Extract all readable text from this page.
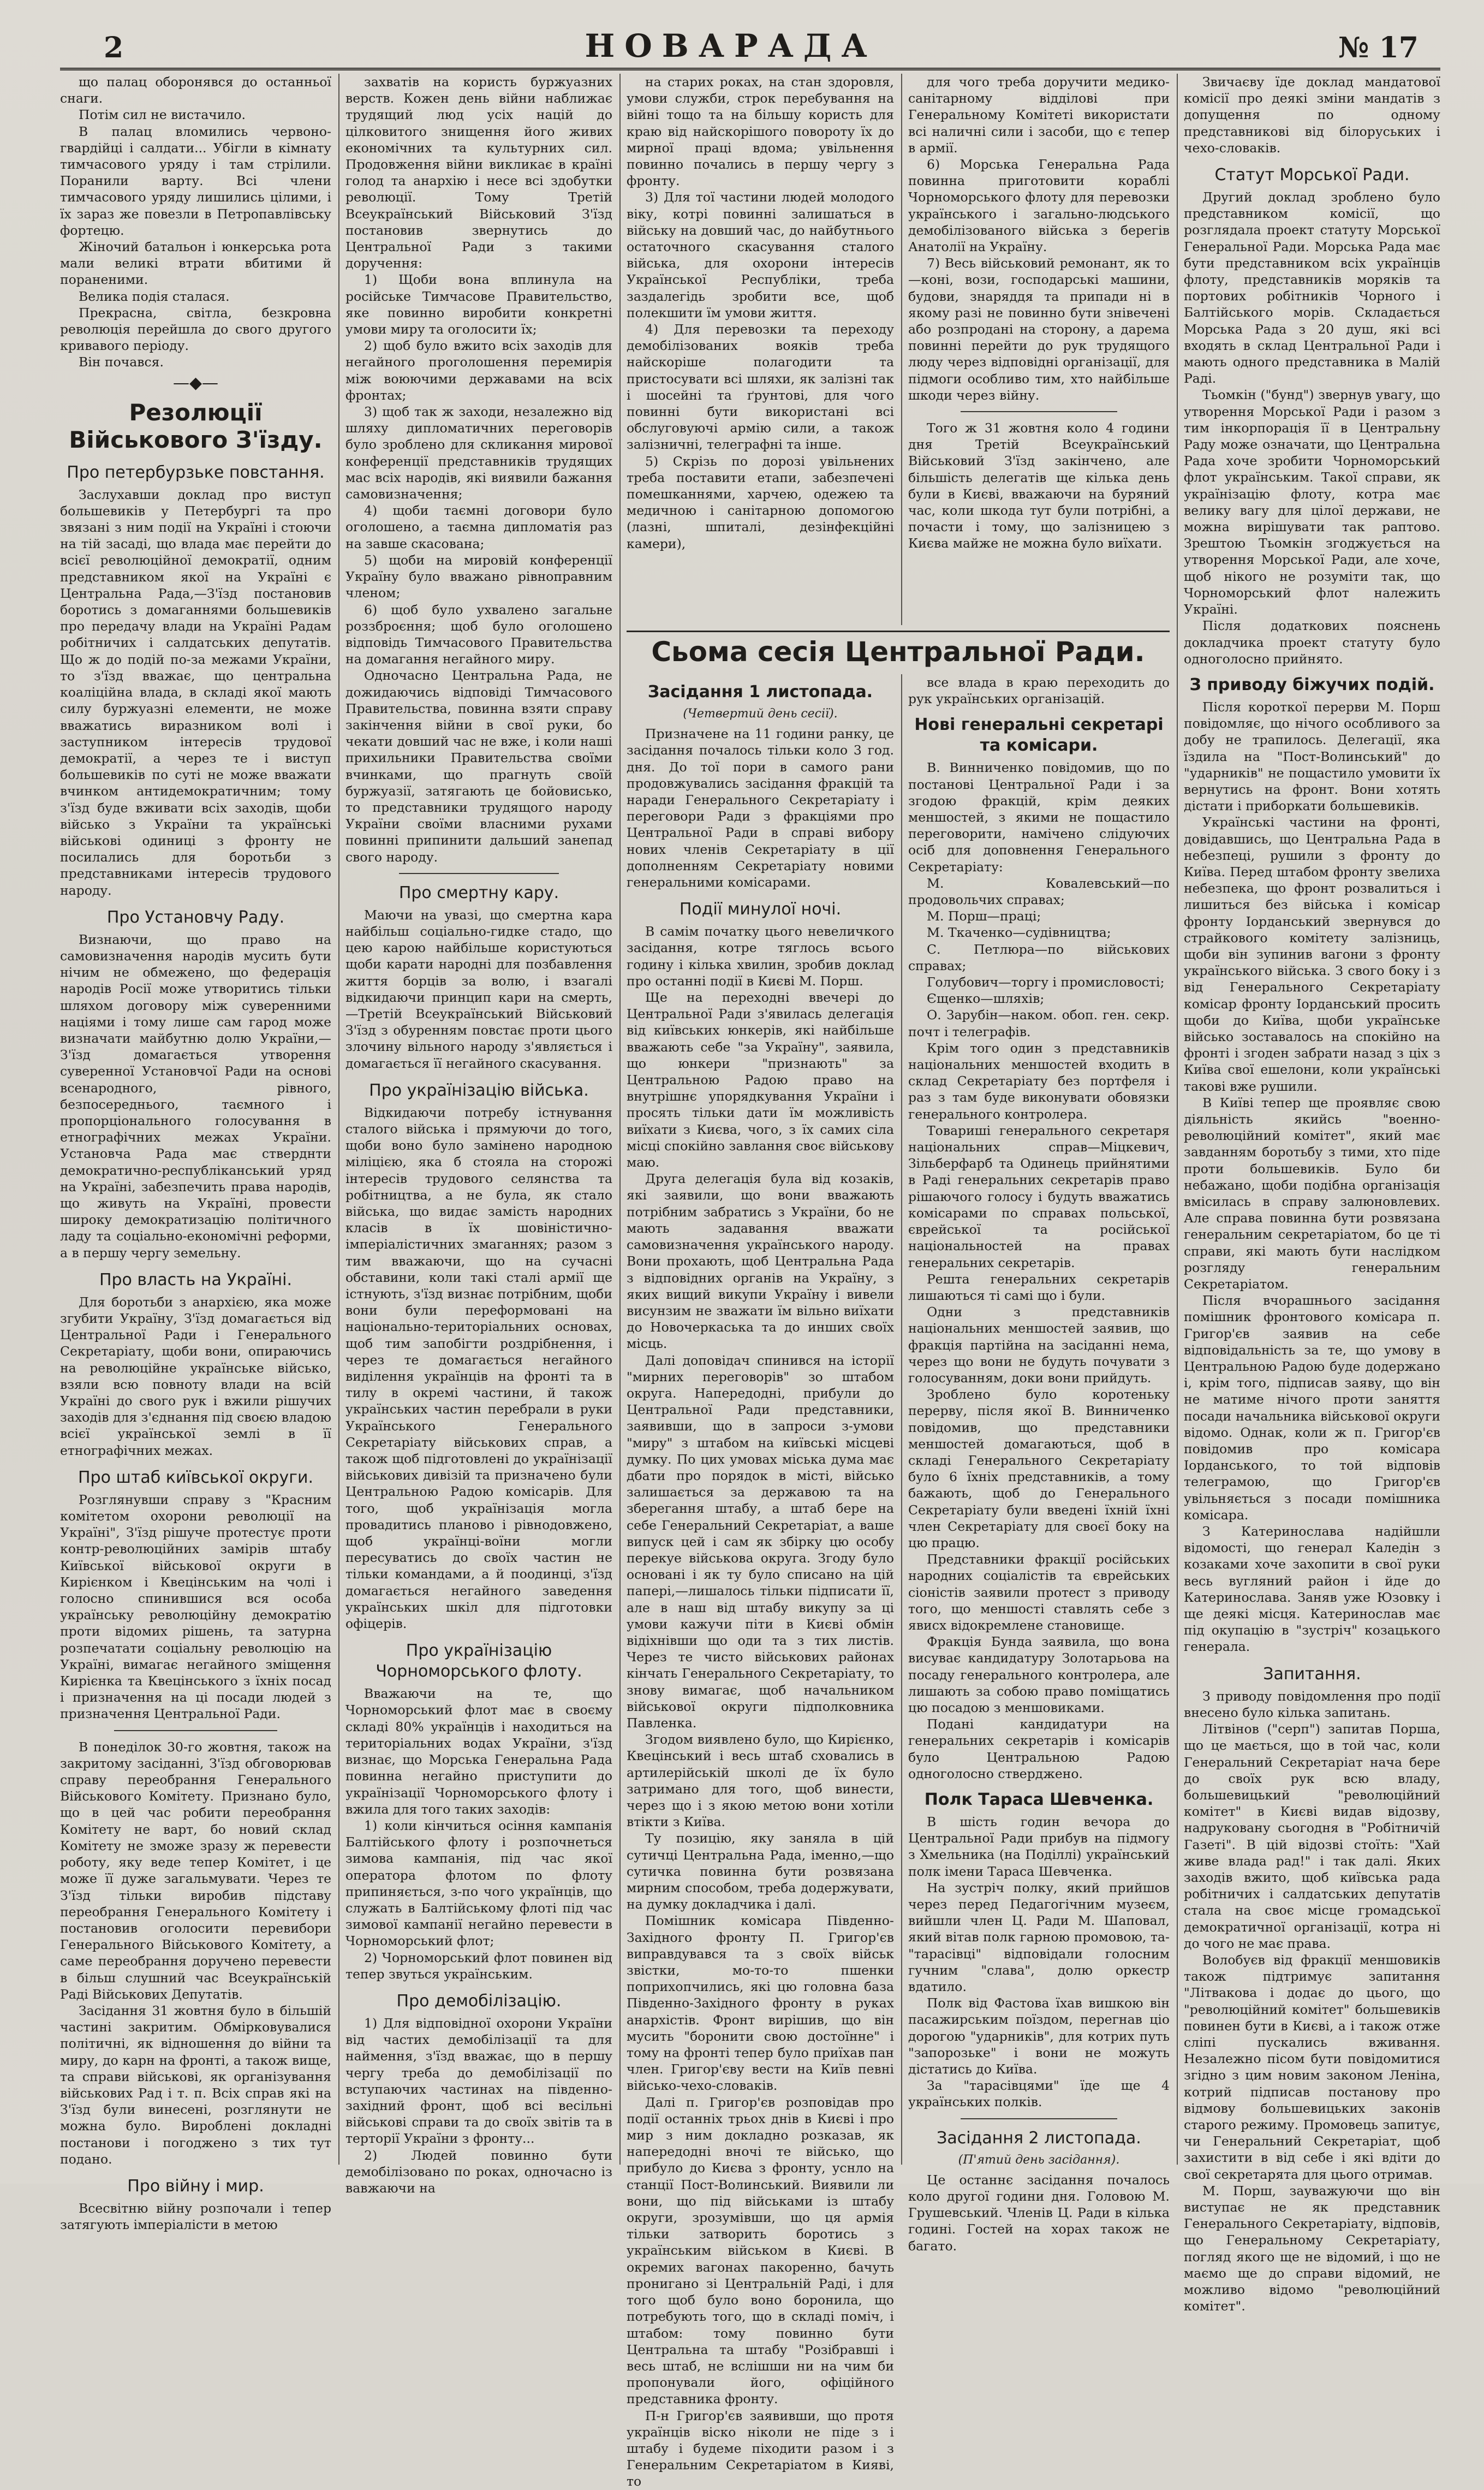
2	НОВАРАДА	№ 17

що палац оборонявся до останньої снаги.

Потім сил не вистачило.

В палац вломились червоно-гвардійці і салдати... Убігли в кімнату тимчасового уряду і там стрілили. Поранили варту. Всі члени тимчасового уряду лишились цілими, і їх зараз же повезли в Петропавлівську фортецю.

Жіночий батальон і юнкерська рота мали великі втрати вбитими й пораненими.

Велика подія сталася.

Прекрасна, світла, безкровна революція перейшла до свого другого кривавого періоду.

Він почався.

—◆—
Резолюції Військового З'їзду.
Про петербурзьке повстання.

Заслухавши доклад про виступ большевиків у Петербургі та про звязані з ним події на Україні і стоючи на тій засаді, що влада має перейти до всієї революційної демократії, одним представником якої на Україні є Центральна Рада,—З'їзд постановив боротись з домаганнями большевиків про передачу влади на Україні Радам робітничих і салдатських депутатів. Що ж до подій по-за межами України, то з'їзд вважає, що центральна коаліційна влада, в складі якої мають силу буржуазні елементи, не може вважатись виразником волі і заступником інтересів трудової демократії, а через те і виступ большевиків по суті не може вважати вчинком антидемократичним; тому з'їзд буде вживати всіх заходів, щоби військо з України та українські військові одиниці з фронту не посилались для боротьби з представниками інтересів трудового народу.

Про Установчу Раду.

Визнаючи, що право на самовизначення народів мусить бути нічим не обмежено, що федерація народів Росії може утворитись тільки шляхом договору між суверенними націями і тому лише сам гарод може визначати майбутню долю України,—З'їзд домагається утворення суверенної Установчої Ради на основі всенародного, рівного, безпосереднього, таємного і пропорціонального голосування в етнографічних межах України. Установча Рада має стверднти демократично-республіканський уряд на Україні, забезпечить права народів, що живуть на Україні, провести широку демократизацію політичного ладу та соціально-економічні реформи, а в першу чергу земельну.

Про власть на Україні.

Для боротьби з анархією, яка може згубити Україну, З'їзд домагається від Центральної Ради і Генерального Секретаріату, щоби вони, опираючись на революційне українське військо, взяли всю повноту влади на всій Україні до свого рук і вжили рішучих заходів для з'єднання під своєю владою всієї української землі в її етнографічних межах.

Про штаб київської округи.

Розглянувши справу з "Красним комітетом охорони революції на Україні", З'їзд рішуче протестує проти контр-революційних замірів штабу Київської військової округи в Кирієнком і Квецінським на чолі і голосно спинившися вся особа українську революційну демократію проти відомих рішень, та затурна розпечатати соціальну революцію на Україні, вимагає негайного зміщення Кирієнка та Квецінського з їхніх посад і призначення на ці посади людей з призначення Центральної Ради.

В понеділок 30-го жовтня, також на закритому засіданні, З'їзд обговорював справу переобрання Генерального Військового Комітету. Признано було, що в цей час робити переобрання Комітету не варт, бо новий склад Комітету не зможе зразу ж перевести роботу, яку веде тепер Комітет, і це може її дуже загальмувати. Через те З'їзд тільки виробив підставу переобрання Генерального Комітету і постановив оголосити перевибори Генерального Військового Комітету, а саме переобрання доручено перевести в більш слушний час Всеукраїнській Раді Військових Депутатів.

Засідання 31 жовтня було в більшій частині закритим. Обмірковувалися політичні, як відношення до війни та миру, до карн на фронті, а також вище, та справи військові, як організування військових Рад і т. п. Всіх справ які на З'їзд були винесені, розглянути не можна було. Вироблені докладні постанови і погоджено з тих тут подано.

Про війну і мир.

Всесвітню війну розпочали і тепер затягують імперіалісти в метою

захватів на користь буржуазних верств. Кожен день війни наближає трудящий люд усіх націй до цілковитого знищення його живих економічних та культурних сил. Продовження війни викликає в країні голод та анархію і несе всі здобутки революції. Тому Третій Всеукраїнський Військовий З'їзд постановив звернутись до Центральної Ради з такими доручення:

1) Щоби вона вплинула на російське Тимчасове Правительство, яке повинно виробити конкретні умови миру та оголосити їх;

2) щоб було вжито всіх заходів для негайного проголошення перемирія між воюючими державами на всіх фронтах;

3) щоб так ж заходи, незалежно від шляху дипломатичних переговорів було зроблено для скликання мирової конференції представників трудящих мас всіх народів, які виявили бажання самовизначення;

4) щоби таємні договори було оголошено, а таємна дипломатія раз на завше скасована;

5) щоби на мировій конференції Україну було вважано рівноправним членом;

6) щоб було ухвалено загальне роззброєння; щоб було оголошено відповідь Тимчасового Правительства на домагання негайного миру.

Одночасно Центральна Рада, не дожидаючись відповіді Тимчасового Правительства, повинна взяти справу закінчення війни в свої руки, бо чекати довший час не вже, і коли наші прихильники Правительства своїми вчинками, що прагнуть своїй буржуазії, затягають це бойовисько, то представники трудящого народу України своїми власними рухами повинні припинити дальший занепад свого народу.

Про смертну кару.

Маючи на увазі, що смертна кара найбільш соціально-гидке стадо, що цею карою найбільше користуються щоби карати народні для позбавлення життя борців за волю, і взагалі відкидаючи принцип кари на смерть,—Третій Всеукраїнський Військовий З'їзд з обуренням повстає проти цього злочину вільного народу з'являється і домагається її негайного скасування.

Про українізацію війська.

Відкидаючи потребу істнування сталого війська і прямуючи до того, щоби воно було замінено народною міліцією, яка б стояла на сторожі інтересів трудового селянства та робітництва, а не була, як стало війська, що видає замість народних класів в їх шовіністично-імперіалістичних змаганнях; разом з тим вважаючи, що на сучасні обставини, коли такі сталі армії ще істнують, з'їзд визнає потрібним, щоби вони були переформовані на національно-територіальних основах, щоб тим запобігти роздрібнення, і через те домагається негайного виділення українців на фронті та в тилу в окремі частини, й також українських частин перебрали в руки Українського Генерального Секретаріату військових справ, а також щоб підготовлені до українізації військових дивізій та призначено були Центральною Радою комісарів. Для того, щоб українізація могла провадитись планово і рівнодовжено, щоб українці-воїни могли пересуватись до своїх частин не тільки командами, а й поодинці, з'їзд домагається негайного заведення українських шкіл для підготовки офіцерів.

Про українізацію Чорноморського флоту.

Вважаючи на те, що Чорноморський флот має в своєму складі 80% українців і находиться на територіальних водах України, з'їзд визнає, що Морська Генеральна Рада повинна негайно приступити до українізації Чорноморського флоту і вжила для того таких заходів:

1) коли кінчиться осіння кампанія Балтійського флоту і розпочнеться зимова кампанія, під час якої оператора флотом по флоту припиняється, з-по чого українців, що служать в Балтійському флоті під час зимової кампанії негайно перевести в Чорноморський флот;

2) Чорноморський флот повинен від тепер звуться українським.

Про демобілізацію.

1) Для відповідної охорони України від частих демобілізації та для наймення, з'їзд вважає, що в першу чергу треба до демобілізації по вступаючих частинах на південно-західний фронт, щоб всі весільні військові справи та до своїх звітів та в терторії України з фронту...

2) Людей повинно бути демобілізовано по роках, одночасно із вавжаючи на

на старих роках, на стан здоровля, умови служби, строк перебування на війні тощо та на більшу користь для краю від найскорішого повороту їх до мирної праці вдома; увільнення повинно почались в першу чергу з фронту.

3) Для тої частини людей молодого віку, котрі повинні залишаться в війську на довший час, до найбутнього остаточного скасування сталого війська, для охорони інтересів Української Республіки, треба заздалегідь зробити все, щоб полекшити їм умови життя.

4) Для перевозки та переходу демобілізованих вояків треба найскоріше полагодити та пристосувати всі шляхи, як залізні так і шосейні та ґрунтові, для чого повинні бути використані всі обслуговуючі армію сили, а також залізничні, телеграфні та інше.

5) Скрізь по дорозі увільнених треба поставити етапи, забезпечені помешканнями, харчею, одежею та медичною і санітарною допомогою (лазні, шпиталі, дезінфекційні камери),

для чого треба доручити медико-санітарному відділові при Генеральному Комітеті використати всі наличні сили і засоби, що є тепер в армії.

6) Морська Генеральна Рада повинна приготовити кораблі Чорноморського флоту для перевозки українського і загально-людського демобілізованого війська з берегів Анатолії на Україну.

7) Весь військовий ремонант, як то—коні, вози, господарські машини, будови, знаряддя та припади ні в якому разі не повинно бути знівечені або розпродані на сторону, а дарема повинні перейти до рук трудящого люду через відповідні організації, для підмоги особливо тим, хто найбільше шкоди через війну.

Того ж 31 жовтня коло 4 години дня Третій Всеукраїнський Військовий З'їзд закінчено, але більшість делегатів ще кілька день були в Києві, вважаючи на буряний час, коли шкода тут були потрібні, а почасти і тому, що залізницею з Києва майже не можна було виїхати.

Сьома сесія Центральної Ради.
Засідання 1 листопада.
(Четвертий день сесії).

Призначене на 11 години ранку, це засідання почалось тільки коло 3 год. дня. До тої пори в самого рани продовжувались засідання фракцій та наради Генерального Секретаріату і переговори Ради з фракціями про Центральної Ради в справі вибору нових членів Секретаріату в ції дополненням Секретаріату новими генеральними комісарами.

Події минулої ночі.

В самім початку цього невеличкого засідання, котре тяглось всього годину і кілька хвилин, зробив доклад про останні події в Києві М. Порш.

Ще на переходні ввечері до Центральної Ради з'явилась делегація від київських юнкерів, які найбільше вважають себе "за Україну", заявила, що юнкери "признають" за Центральною Радою право на внутрішнє упорядкування України і просять тільки дати їм можливість виїхати з Києва, чого, з їх самих сіла місці спокійно завлання своє військову маю.

Друга делегація була від козаків, які заявили, що вони вважають потрібним забратись з України, бо не мають задавання вважати самовизначення українського народу. Вони прохають, щоб Центральна Рада з відповідних органів на Україну, з яких вищий викупи Україну і вивели висунзим не зважати їм вільно виїхати до Новочеркаська та до инших своїх місць.

Далі доповідач спинився на історії "мирних переговорів" зо штабом округа. Напередодні, прибули до Центральної Ради представники, заявивши, що в запроси з-умови "миру" з штабом на київські місцеві думку. По цих умовах міська дума має дбати про порядок в місті, військо залишається за державою та на зберегання штабу, а штаб бере на себе Генеральний Секретаріат, а ваше випуск цей і сам як збірку цю особу перекуе військова округа. Згоду було основані і як ту було списано на цій папері,—лишалось тільки підписати її, але в наш від штабу викупу за ці умови кажучи піти в Києві обмін відіхнівши що оди та з тих листів. Через те чисто військових районах кінчать Генерального Секретаріату, то знову вимагає, щоб начальником військової округи підполковника Павленка.

Згодом виявлено було, що Кирієнко, Квецінський і весь штаб сховались в артилерійській школі де їх було затримано для того, щоб винести, через що і з якою метою вони хотіли втікти з Київа.

Ту позицію, яку заняла в цій сутичці Центральна Рада, іменно,—що сутичка повинна бути розвязана мирним способом, треба додержувати, на думку докладчика і далі.

Помішник комісара Південно-Західного фронту П. Григор'єв виправдувався та з своїх військ звістки, мо-то-то пшенки поприхопчились, які цю головна база Південно-Західного фронту в руках анархістів. Фронт вирішив, що він мусить "боронити свою достоїнне" і тому на фронті тепер було приїхав пан член. Григор'єву вести на Київ певні військо-чехо-словаків.

Далі п. Григор'єв розповідав про події останніх трьох днів в Києві і про мир з ним докладно розказав, як напередодні вночі те військо, що прибуло до Києва з фронту, уснло на станції Пост-Волинський. Виявили ли вони, що під військами із штабу округи, зрозумівши, що ця армія тільки затворить боротись з українським військом в Києві. В окремих вагонах пакоренно, бачуть пронигано зі Центральній Раді, і для того щоб було воно боронила, що потребують того, що в складі поміч, і штабом: тому повинно бути Центральна та штабу "Розібравші і весь штаб, не вслішши ни на чим би пропонували його, офіційного представника фронту.

П-н Григор'єв заявивши, що протя українців віско ніколи не піде з і штабу і будеме піходити разом і з Генеральним Секретаріатом в Кияві, то

все влада в краю переходить до рук українських організацій.

Нові генеральні секретарі та комісари.

В. Винниченко повідомив, що по постанові Центральної Ради і за згодою фракцій, крім деяких меншостей, з якими не пощастило переговорити, намічено слідуючих осіб для доповнення Генерального Секретаріату:

М. Ковалевський—по продовольчих справах;

М. Порш—праці;

М. Ткаченко—судівництва;

С. Петлюра—по військових справах;

Голубович—торгу і промисловості;

Єщенко—шляхів;

О. Зарубін—наком. обоп. ген. секр. почт і телеграфів.

Крім того один з представників національних меншостей входить в склад Секретаріату без портфеля і раз з там буде виконувати обовязки генерального контролера.

Товариші генерального секретаря національних справ—Міцкевич, Зільберфарб та Одинець прийнятими в Раді генеральних секретарів право рішаючого голосу і будуть вважатись комісарами по справах польської, єврейської та російської національностей на правах генеральних секретарів.

Решта генеральних секретарів лишаються ті самі що і були.

Одни з представників національних меншостей заявив, що фракція партійна на засіданні нема, через що вони не будуть почувати з голосуванням, доки вони прийдуть.

Зроблено було коротеньку перерву, після якої В. Винниченко повідомив, що представники меншостей домагаються, щоб в складі Генерального Секретаріату було 6 їхніх представників, а тому бажають, щоб до Генерального Секретаріату були введені їхній їхні член Секретаріату для своєї боку на цю працю.

Представники фракції російських народних соціалістів та єврейських сіоністів заявили протест з приводу того, що меншості ставлять себе з явисх відокремлене становище.

Фракція Бунда заявила, що вона висуває кандидатуру Золотарьова на посаду генерального контролера, але лишають за собою право поміщатись цю посадою з меншовиками.

Подані кандидатури на генеральних секретарів і комісарів було Центральною Радою одноголосно стверджено.

Полк Тараса Шевченка.

В шість годин вечора до Центральної Ради прибув на підмогу з Хмельника (на Поділлі) український полк імени Тараса Шевченка.

На зустріч полку, який прийшов через перед Педагогічним музеєм, вийшли член Ц. Ради М. Шаповал, який вітав полк гарною промовою, та-"тарасівці" відповідали голосним гучним "слава", долю оркестр вдатило.

Полк від Фастова їхав вишкою він пасажирським поїздом, перегнав ціо дорогою "ударників", для котрих путь "запорозьке" і вони не можуть дістатись до Київа.

За "тарасівцями" їде ще 4 українських полків.

Засідання 2 листопада.
(П'ятий день засідання).

Це останнє засідання почалось коло другої години дня. Головою М. Грушевський. Членів Ц. Ради в кілька годині. Гостей на хорах також не багато.

Звичаєву їде доклад мандатової комісії про деякі зміни мандатів з допущення по одному представникові від білоруських і чехо-словаків.

Статут Морської Ради.

Другий доклад зроблено було представником комісії, що розглядала проект статуту Морської Генеральної Ради. Морська Рада має бути представником всіх українців флоту, представників моряків та портових робітників Чорного і Балтійського морів. Складається Морська Рада з 20 душ, які всі входять в склад Центральної Ради і мають одного представника в Малій Раді.

Тьомкін ("бунд") звернув увагу, що утворення Морської Ради і разом з тим інкорпорація її в Центральну Раду може означати, що Центральна Рада хоче зробити Чорноморський флот українським. Такої справи, як українізацію флоту, котра має велику вагу для цілої держави, не можна вирішувати так раптово. Зрештою Тьомкін згоджується на утворення Морської Ради, але хоче, щоб нікого не розуміти так, що Чорноморський флот належить Україні.

Після додаткових пояснень докладчика проект статуту було одноголосно прийнято.

З приводу біжучих подій.

Після короткої перерви М. Порш повідомляє, що нічого особливого за добу не трапилось. Делегації, яка їздила на "Пост-Волинський" до "ударників" не пощастило умовити їх вернутись на фронт. Вони хотять дістати і приборкати большевиків.

Українські частини на фронті, довідавшись, що Центральна Рада в небезпеці, рушили з фронту до Київа. Перед штабом фронту звелиха небезпека, що фронт розвалиться і лишиться без війська і комісар фронту Іорданський звернувся до страйкового комітету залізниць, щоби він зупинив вагони з фронту українського війська. З свого боку і з від Генерального Секретаріату комісар фронту Іорданський просить щоби до Київа, щоби українське військо зоставалось на спокійно на фронті і згоден забрати назад з ціх з Київа свої ешелони, коли українські такові вже рушили.

В Київі тепер ще проявляє свою діяльність якийсь "военно-революційний комітет", який має завданням боротьбу з тими, хто піде проти большевиків. Було би небажано, щоби подібна організація вмісилась в справу залюновлевих. Але справа повинна бути розвязана генеральним секретаріатом, бо це ті справи, які мають бути наслідком розгляду генеральним Секретаріатом.

Після вчорашнього засідання помішник фронтового комісара п. Григор'єв заявив на себе відповідальність за те, що умову в Центральною Радою буде додержано і, крім того, підписав заяву, що він не матиме нічого проти заняття посади начальника військової округи відомо. Однак, коли ж п. Григор'єв повідомив про комісара Іорданського, то той вiдповiв телеграмою, що Григор'єв увільняється з посади помішника комісара.

З Катеринослава надійшли відомості, що генерал Каледін з козаками хоче захопити в свої руки весь вугляний район і йде до Катеринослава. Заняв уже Юзовку і ще деякі місця. Катеринослав має під окупацію в "зустріч" козацького генерала.

Запитання.

З приводу повідомлення про події внесено було кілька запитань.

Літвінов ("серп") запитав Порша, що це мається, що в той час, коли Генеральний Секретаріат нача бере до своїх рук всю владу, большевицький "революційний комітет" в Києві видав відозву, надруковану сьогодня в "Робітничій Газеті". В цій відозві стоїть: "Хай живе влада рад!" і так далі. Яких заходів вжито, щоб київська рада робітничих і салдатських депутатів стала на своє місце громадської демократичної організації, котра ні до чого не має права.

Волобуєв від фракції меншовиків також підтримує запитання "Літвакова і додає до цього, що "революційний комітет" большевиків повинен бути в Києві, а і також отже сліпі пускались вживання. Незалежно пісом бути повідомитися згідно з цим новим законом Леніна, котрий підписав постанову про відмову большевицьких законів старого режиму. Промовець запитує, чи Генеральний Секретаріат, щоб захистити в від себе і які вдіти до свої секретарята для цього отримав.

М. Порш, зауважуючи що він виступає не як представник Генерального Секретаріату, відповів, що Генеральному Секретаріату, погляд якого ще не відомий, і що не маємо ще до справи відомий, не можливо відомо "революційний комітет".
